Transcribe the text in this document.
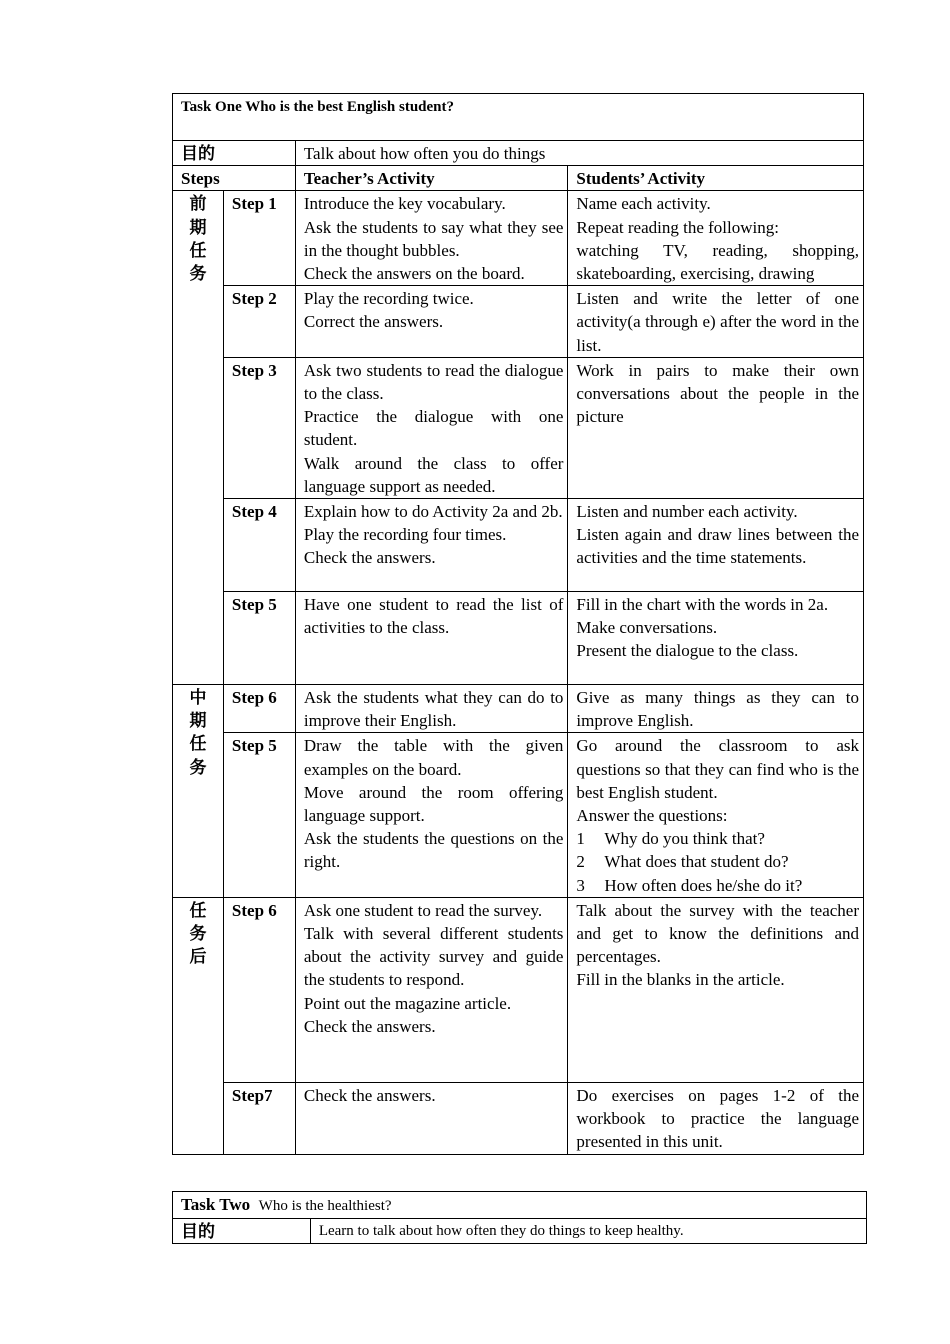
Task One Who is the best English student?			
目的		Talk about how often you do things	
Steps		Teacher’s Activity	Students’ Activity

前
期
任
务	Step 1	Introduce the key vocabulary.
Ask the students to say what they see in the thought bubbles.
Check the answers on the board.	Name each activity.
Repeat reading the following:
watching TV, reading, shopping, skateboarding, exercising, drawing

	Step 2	Play the recording twice.
Correct the answers.	Listen and write the letter of one activity(a through e) after the word in the list.
	Step 3	Ask two students to read the dialogue to the class.
Practice the dialogue with one student.
Walk around the class to offer language support as needed.	Work in pairs to make their own conversations about the people in the picture
	Step 4	Explain how to do Activity 2a and 2b.
Play the recording four times.
Check the answers.	Listen and number each activity.
Listen again and draw lines between the activities and the time statements.

	Step 5	Have one student to read the list of activities to the class.	Fill in the chart with the words in 2a.
Make conversations.
Present the dialogue to the class.

中
期
任
务	Step 6	Ask the students what they can do to improve their English.	Give as many things as they can to improve English.
	Step 5	Draw the table with the given examples on the board.
Move around the room offering language support.
Ask the students the questions on the right.	Go around the classroom to ask questions so that they can find who is the best English student.
Answer the questions:
1 Why do you think that?
2 What does that student do?
3 How often does he/she do it?

任
务
后	Step 6	Ask one student to read the survey.
Talk with several different students about the activity survey and guide the students to respond.
Point out the magazine article.
Check the answers.	Talk about the survey with the teacher and get to know the definitions and percentages.
Fill in the blanks in the article.

	Step7	Check the answers.	Do exercises on pages 1-2 of the workbook to practice the language presented in this unit.
Task Two Who is the healthiest?
目的	Learn to talk about how often they do things to keep healthy.
